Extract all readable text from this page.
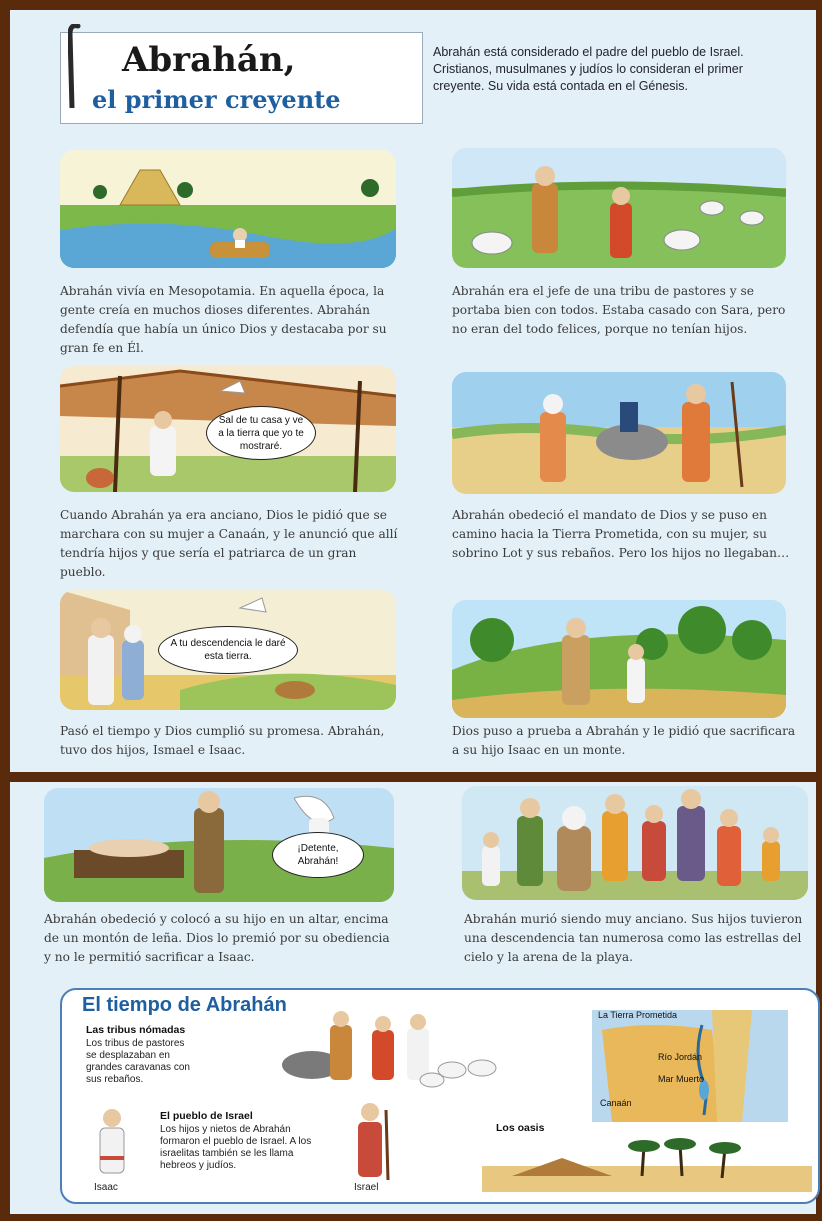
Abrahán,
el primer creyente
Abrahán está considerado el padre del pueblo de Israel. Cristianos, musulmanes y judíos lo consideran el primer creyente. Su vida está contada en el Génesis.
Abrahán vivía en Mesopotamia. En aquella época, la gente creía en muchos dioses diferentes. Abrahán defendía que había un único Dios y destacaba por su gran fe en Él.
Abrahán era el jefe de una tribu de pastores y se portaba bien con todos. Estaba casado con Sara, pero no eran del todo felices, porque no tenían hijos.
Sal de tu casa y ve a la tierra que yo te mostraré.
Cuando Abrahán ya era anciano, Dios le pidió que se marchara con su mujer a Canaán, y le anunció que allí tendría hijos y que sería el patriarca de un gran pueblo.
Abrahán obedeció el mandato de Dios y se puso en camino hacia la Tierra Prometida, con su mujer, su sobrino Lot y sus rebaños. Pero los hijos no llegaban…
A tu descendencia le daré esta tierra.
Pasó el tiempo y Dios cumplió su promesa. Abrahán, tuvo dos hijos, Ismael e Isaac.
Dios puso a prueba a Abrahán y le pidió que sacrificara a su hijo Isaac en un monte.
¡Detente, Abrahán!
Abrahán obedeció y colocó a su hijo en un altar, encima de un montón de leña. Dios lo premió por su obediencia y no le permitió sacrificar a Isaac.
Abrahán murió siendo muy anciano. Sus hijos tuvieron una descendencia tan numerosa como las estrellas del cielo y la arena de la playa.
El tiempo de Abrahán
Las tribus nómadas
Los tribus de pastores se desplazaban en grandes caravanas con sus rebaños.
Isaac
El pueblo de Israel
Los hijos y nietos de Abrahán formaron el pueblo de Israel. A los israelitas también se les llama hebreos y judíos.
Israel
Los oasis
La Tierra Prometida
Río Jordán
Mar Muerto
Canaán
